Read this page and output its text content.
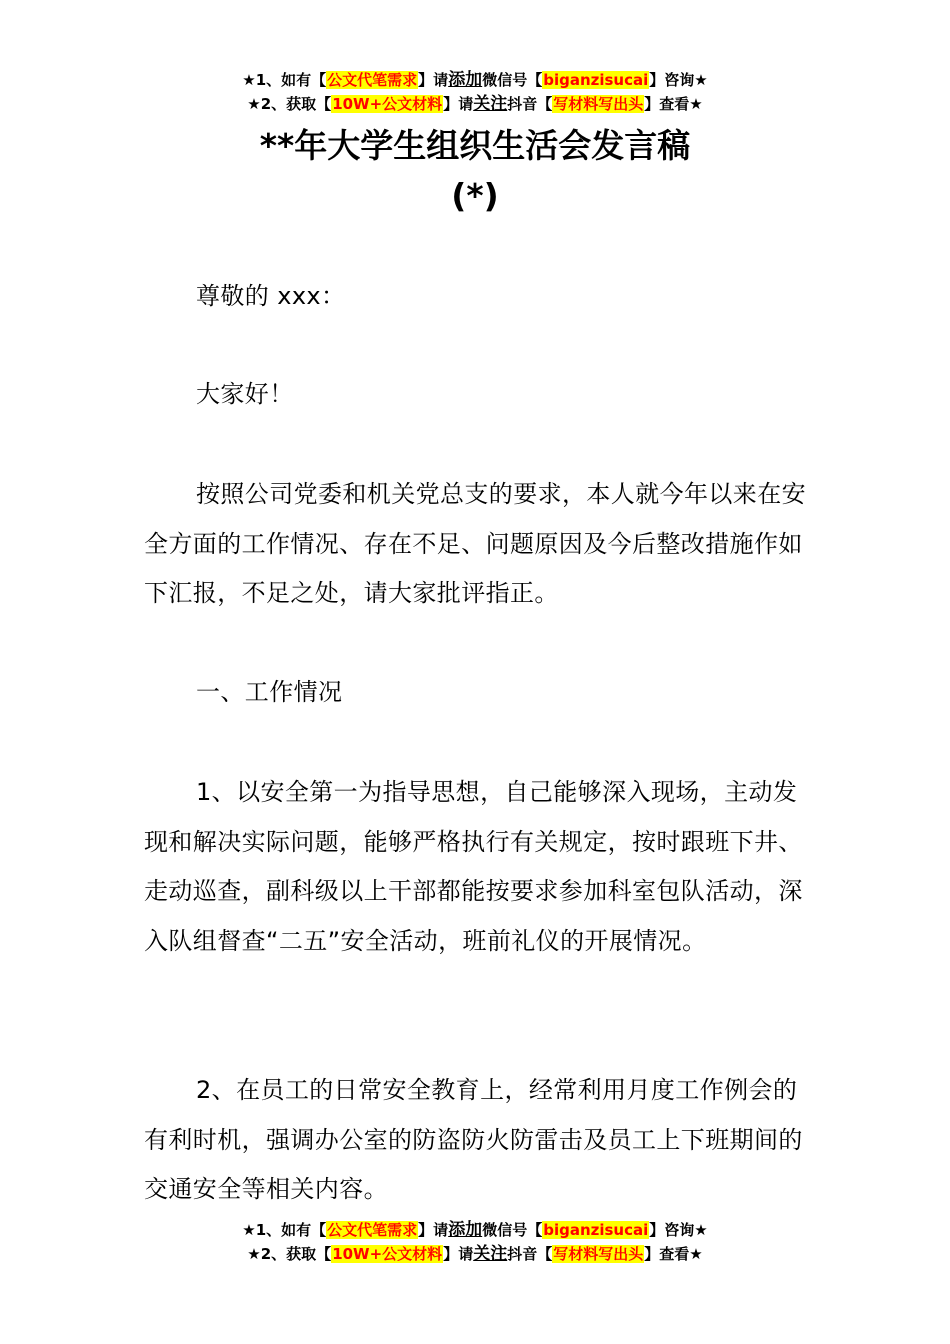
★1、如有【公文代笔需求】请添加微信号【biganzisucai】咨询★
★2、获取【10W+公文材料】请关注抖音【写材料写出头】查看★
**年大学生组织生活会发言稿
(*)
尊敬的 xxx：
大家好！
按照公司党委和机关党总支的要求，本人就今年以来在安全方面的工作情况、存在不足、问题原因及今后整改措施作如下汇报，不足之处，请大家批评指正。
一、工作情况
1、以安全第一为指导思想，自己能够深入现场，主动发现和解决实际问题，能够严格执行有关规定，按时跟班下井、走动巡查，副科级以上干部都能按要求参加科室包队活动，深入队组督查“二五”安全活动，班前礼仪的开展情况。
2、在员工的日常安全教育上，经常利用月度工作例会的有利时机，强调办公室的防盗防火防雷击及员工上下班期间的交通安全等相关内容。
★1、如有【公文代笔需求】请添加微信号【biganzisucai】咨询★
★2、获取【10W+公文材料】请关注抖音【写材料写出头】查看★
